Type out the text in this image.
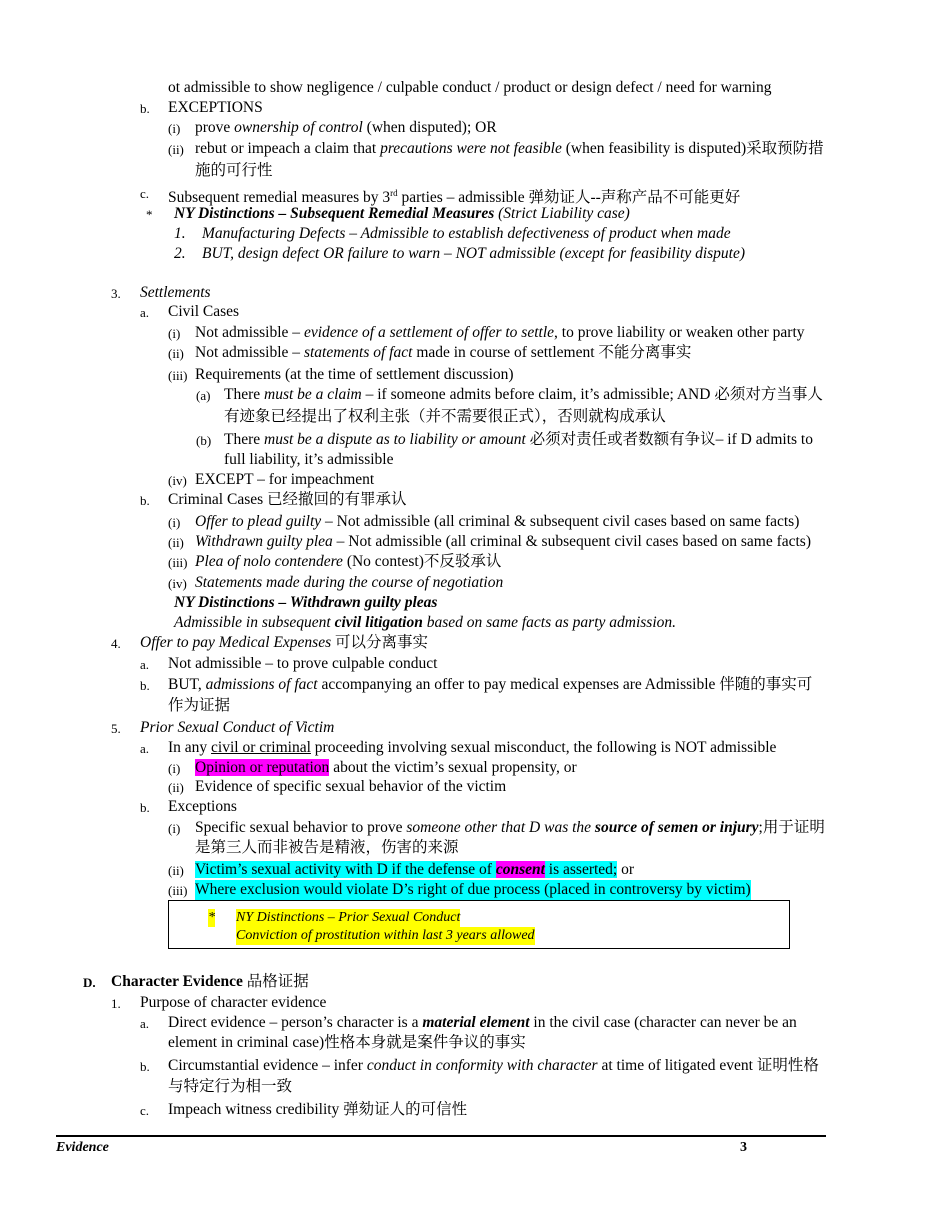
ot admissible to show negligence / culpable conduct / product or design defect / need for warning
b. EXCEPTIONS
(i) prove ownership of control (when disputed); OR
(ii) rebut or impeach a claim that precautions were not feasible (when feasibility is disputed)采取预防措
施的可行性
c. Subsequent remedial measures by 3rd parties – admissible 弹劾证人--声称产品不可能更好
* NY Distinctions – Subsequent Remedial Measures (Strict Liability case)
1. Manufacturing Defects – Admissible to establish defectiveness of product when made
2. BUT, design defect OR failure to warn – NOT admissible (except for feasibility dispute)
3. Settlements
a. Civil Cases
(i) Not admissible – evidence of a settlement of offer to settle, to prove liability or weaken other party
(ii) Not admissible – statements of fact made in course of settlement 不能分离事实
(iii) Requirements (at the time of settlement discussion)
(a) There must be a claim – if someone admits before claim, it’s admissible; AND 必须对方当事人
有迹象已经提出了权利主张（并不需要很正式），否则就构成承认
(b) There must be a dispute as to liability or amount 必须对责任或者数额有争议– if D admits to
full liability, it’s admissible
(iv) EXCEPT – for impeachment
b. Criminal Cases 已经撤回的有罪承认
(i) Offer to plead guilty – Not admissible (all criminal & subsequent civil cases based on same facts)
(ii) Withdrawn guilty plea – Not admissible (all criminal & subsequent civil cases based on same facts)
(iii) Plea of nolo contendere (No contest)不反驳承认
(iv) Statements made during the course of negotiation
NY Distinctions – Withdrawn guilty pleas
Admissible in subsequent civil litigation based on same facts as party admission.
4. Offer to pay Medical Expenses 可以分离事实
a. Not admissible – to prove culpable conduct
b. BUT, admissions of fact accompanying an offer to pay medical expenses are Admissible 伴随的事实可
作为证据
5. Prior Sexual Conduct of Victim
a. In any civil or criminal proceeding involving sexual misconduct, the following is NOT admissible
(i) Opinion or reputation about the victim’s sexual propensity, or
(ii) Evidence of specific sexual behavior of the victim
b. Exceptions
(i) Specific sexual behavior to prove someone other that D was the source of semen or injury;用于证明
是第三人而非被告是精液，伤害的来源
(ii) Victim’s sexual activity with D if the defense of consent is asserted; or
(iii) Where exclusion would violate D’s right of due process (placed in controversy by victim)
* NY Distinctions – Prior Sexual Conduct
Conviction of prostitution within last 3 years allowed
D. Character Evidence 品格证据
1. Purpose of character evidence
a. Direct evidence – person’s character is a material element in the civil case (character can never be an
element in criminal case)性格本身就是案件争议的事实
b. Circumstantial evidence – infer conduct in conformity with character at time of litigated event 证明性格
与特定行为相一致
c. Impeach witness credibility 弹劾证人的可信性
Evidence	3
